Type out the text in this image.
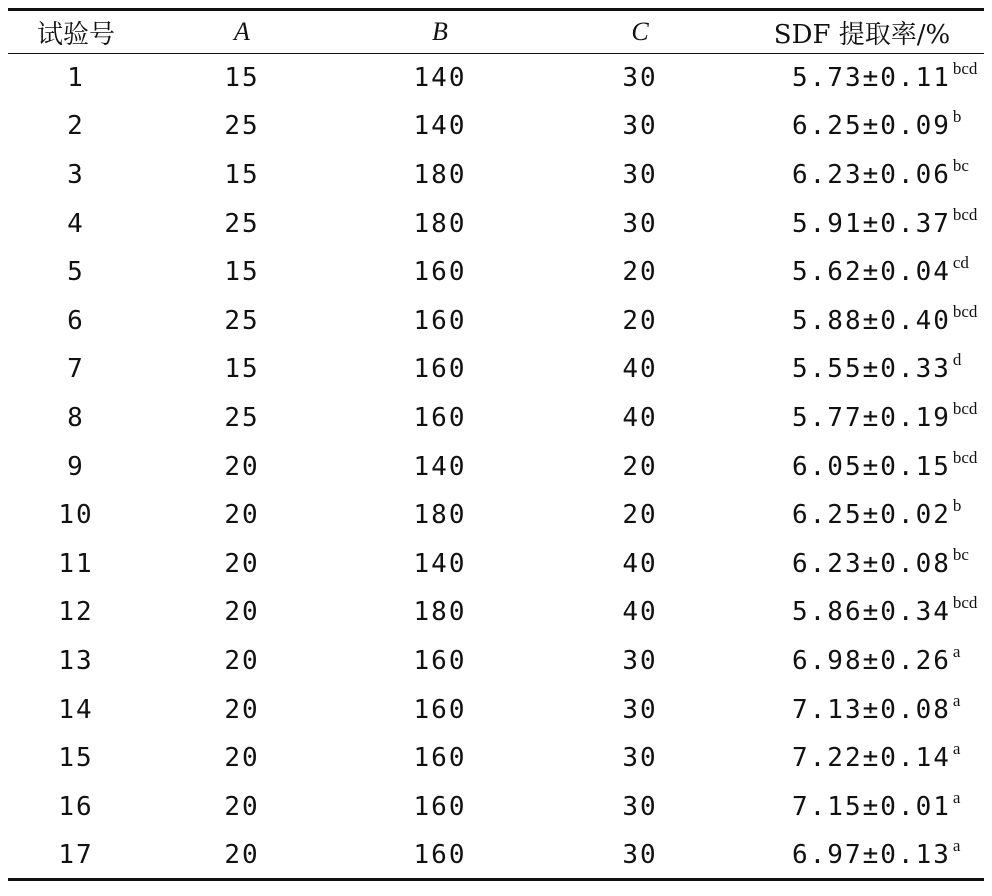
试验号	A	B	C	SDF 提取率/%
1	15	140	30	5.73±0.11 $^{bcd}$
2	25	140	30	6.25±0.09 $^b$
3	15	180	30	6.23±0.06 $^{bc}$
4	25	180	30	5.91±0.37 $^{bcd}$
5	15	160	20	5.62±0.04 $^{cd}$
6	25	160	20	5.88±0.40 $^{bcd}$
7	15	160	40	5.55±0.33 $^d$
8	25	160	40	5.77±0.19 $^{bcd}$
9	20	140	20	6.05±0.15 $^{bcd}$
10	20	180	20	6.25±0.02 $^b$
11	20	140	40	6.23±0.08 $^{bc}$
12	20	180	40	5.86±0.34 $^{bcd}$
13	20	160	30	6.98±0.26 $^a$
14	20	160	30	7.13±0.08 $^a$
15	20	160	30	7.22±0.14 $^a$
16	20	160	30	7.15±0.01 $^a$
17	20	160	30	6.97±0.13 $^a$
